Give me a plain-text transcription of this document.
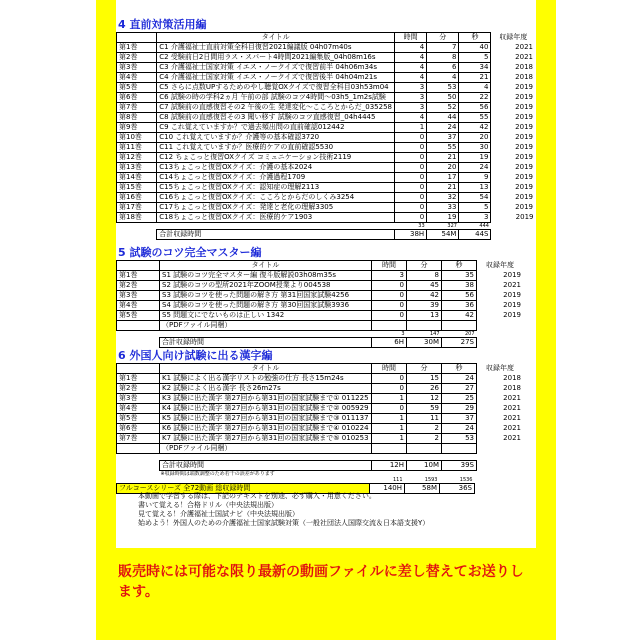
4 直前対策活用編
	タイトル	時間	分	秒	収録年度
第1巻	C1 介護福祉士直前対策全科目復習2021編議版 04h07m40s	4	7	40	2021
第2巻	C2 受験前日2日間用ラス・スパート4時間2021編集版_04h08m16s	4	8	5	2021
第3巻	C3 介護福祉士国家対策 イエス・ノークイズで復習前半 04h06m34s	4	6	34	2018
第4巻	C4 介護福祉士国家対策 イエス・ノークイズで復習後半 04h04m21s	4	4	21	2018
第5巻	C5 さらに点数UPするためのやし聴覚OXクイズで復習全科目03h53m04	3	53	4	2019
第6巻	C6 試験の時の学科2ヵ月 午前の部 試験のコツ4時間～03h5_1m2s試験	3	50	22	2019
第7巻	C7 試験前の直感復習その2 午後の生 発達変化～こころとからだ_035258	3	52	56	2019
第8巻	C8 試験前の直感復習その3 聞い移す 試験のコツ直感復習_04h4445	4	44	55	2019
第9巻	C9 これ覚えていますか？で過去頻出問の直前確認012442	1	24	42	2019
第10巻	C10 これ覚えていますか？介護等の基本確認3720	0	37	20	2019
第11巻	C11 これ覚えていますか？医療的ケアの直前確認5530	0	55	30	2019
第12巻	C12 ちょこっと復習OXクイズ コミュニケーション技術2119	0	21	19	2019
第13巻	C13ちょこっと復習OXクイズ：介護の基本2024	0	20	24	2019
第14巻	C14ちょこっと復習OXクイズ：介護過程1709	0	17	9	2019
第15巻	C15ちょこっと復習OXクイズ：認知症の理解2113	0	21	13	2019
第16巻	C16ちょこっと復習OXクイズ：こころとからだのしくみ3254	0	32	54	2019
第17巻	C17ちょこっと復習OXクイズ：発達と老化の理解3305	0	33	5	2019
第18巻	C18ちょこっと復習OXクイズ：医療的ケア1903	0	19	3	2019
		33	327	444	
	合計収録時間	38H	54M	44S	
5 試験のコツ完全マスター編
	タイトル	時間	分	秒	収録年度
第1巻	S1 試験のコツ完全マスター編 復斗版解説03h08m35s	3	8	35	2019
第2巻	S2 試験のコツの型所2021年ZOOM授業より004538	0	45	38	2021
第3巻	S3 試験のコツを使った問題の解き方 第31回国家試験4256	0	42	56	2019
第4巻	S4 試験のコツを使った問題の解き方 第30回国家試験3936	0	39	36	2019
第5巻	S5 問題文にでないものは正しい 1342	0	13	42	2019
	（PDFファイル同梱）				
		3	147	207	
	合計収録時間	6H	30M	27S	
6 外国人向け試験に出る漢字編
	タイトル	時間	分	秒	収録年度
第1巻	K1 試験によく出る漢字リストの勉強の仕方 長さ15m24s	0	15	24	2018
第2巻	K2 試験によく出る漢字 長さ26m27s	0	26	27	2018
第3巻	K3 試験に出た漢字 第27回から第31回の国家試験まで① 011225	1	12	25	2021
第4巻	K4 試験に出た漢字 第27回から第31回の国家試験まで② 005929	0	59	29	2021
第5巻	K5 試験に出た漢字 第27回から第31回の国家試験まで③ 011137	1	11	37	2021
第6巻	K6 試験に出た漢字 第27回から第31回の国家試験まで④ 010224	1	2	24	2021
第7巻	K7 試験に出た漢字 第27回から第31回の国家試験まで⑤ 010253	1	2	53	2021
	（PDFファイル同梱）				

	合計収録時間	12H	10M	39S	
	※収録時間は端数調整のため若干の誤差があります			
		111	1593	1536
フルコースシリーズ 全72動画 総収録時間		140H	58M	36S
本動画で学習する際は、下記のテキストを別途、必ず購入・用意ください。
書いて覚える！合格ドリル（中央法規出版）
見て覚える！介護福祉士国試ナビ（中央法規出版）
始めよう！外国人のための介護福祉士国家試験対策（一般社団法人国際交流＆日本語支援Y）
販売時には可能な限り最新の動画ファイルに差し替えてお送りします。
